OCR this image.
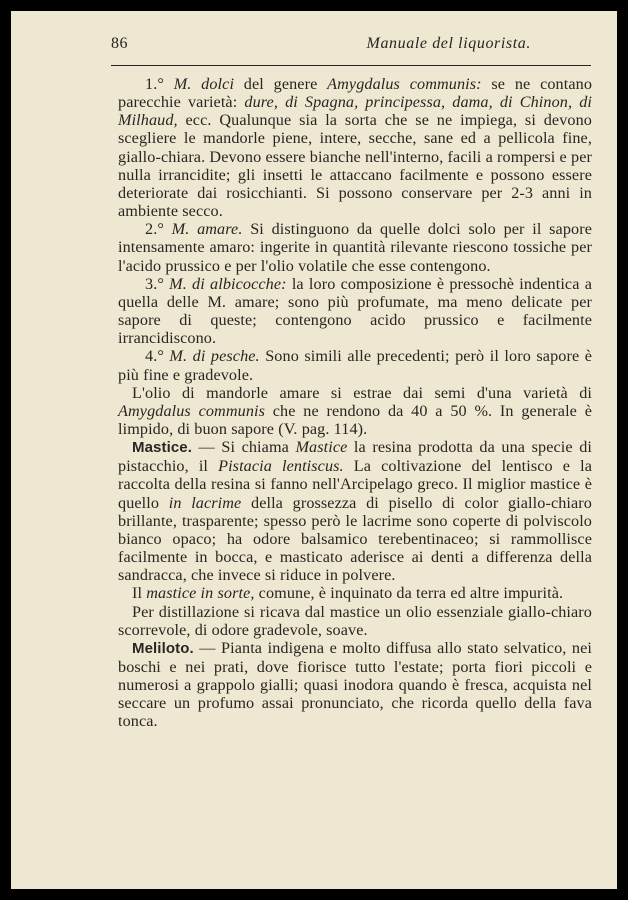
86	Manuale del liquorista.

1.° M. dolci del genere Amygdalus communis: se ne contano parecchie varietà: dure, di Spagna, principessa, dama, di Chinon, di Milhaud, ecc. Qualunque sia la sorta che se ne impiega, si devono scegliere le mandorle piene, intere, secche, sane ed a pellicola fine, giallo-chiara. Devono essere bianche nell'interno, facili a rompersi e per nulla irrancidite; gli insetti le attaccano facilmente e possono essere deteriorate dai rosicchianti. Si possono conservare per 2-3 anni in ambiente secco.

2.° M. amare. Si distinguono da quelle dolci solo per il sapore intensamente amaro: ingerite in quantità rilevante riescono tossiche per l'acido prussico e per l'olio volatile che esse contengono.

3.° M. di albicocche: la loro composizione è pressochè indentica a quella delle M. amare; sono più profumate, ma meno delicate per sapore di queste; contengono acido prussico e facilmente irrancidiscono.

4.° M. di pesche. Sono simili alle precedenti; però il loro sapore è più fine e gradevole.

L'olio di mandorle amare si estrae dai semi d'una varietà di Amygdalus communis che ne rendono da 40 a 50 %. In generale è limpido, di buon sapore (V. pag. 114).

Mastice. — Si chiama Mastice la resina prodotta da una specie di pistacchio, il Pistacia lentiscus. La coltivazione del lentisco e la raccolta della resina si fanno nell'Arcipelago greco. Il miglior mastice è quello in lacrime della grossezza di pisello di color giallo-chiaro brillante, trasparente; spesso però le lacrime sono coperte di polviscolo bianco opaco; ha odore balsamico terebentinaceo; si rammollisce facilmente in bocca, e masticato aderisce ai denti a differenza della sandracca, che invece si riduce in polvere.

Il mastice in sorte, comune, è inquinato da terra ed altre impurità.

Per distillazione si ricava dal mastice un olio essenziale giallo-chiaro scorrevole, di odore gradevole, soave.

Meliloto. — Pianta indigena e molto diffusa allo stato selvatico, nei boschi e nei prati, dove fiorisce tutto l'estate; porta fiori piccoli e numerosi a grappolo gialli; quasi inodora quando è fresca, acquista nel seccare un profumo assai pronunciato, che ricorda quello della fava tonca.
